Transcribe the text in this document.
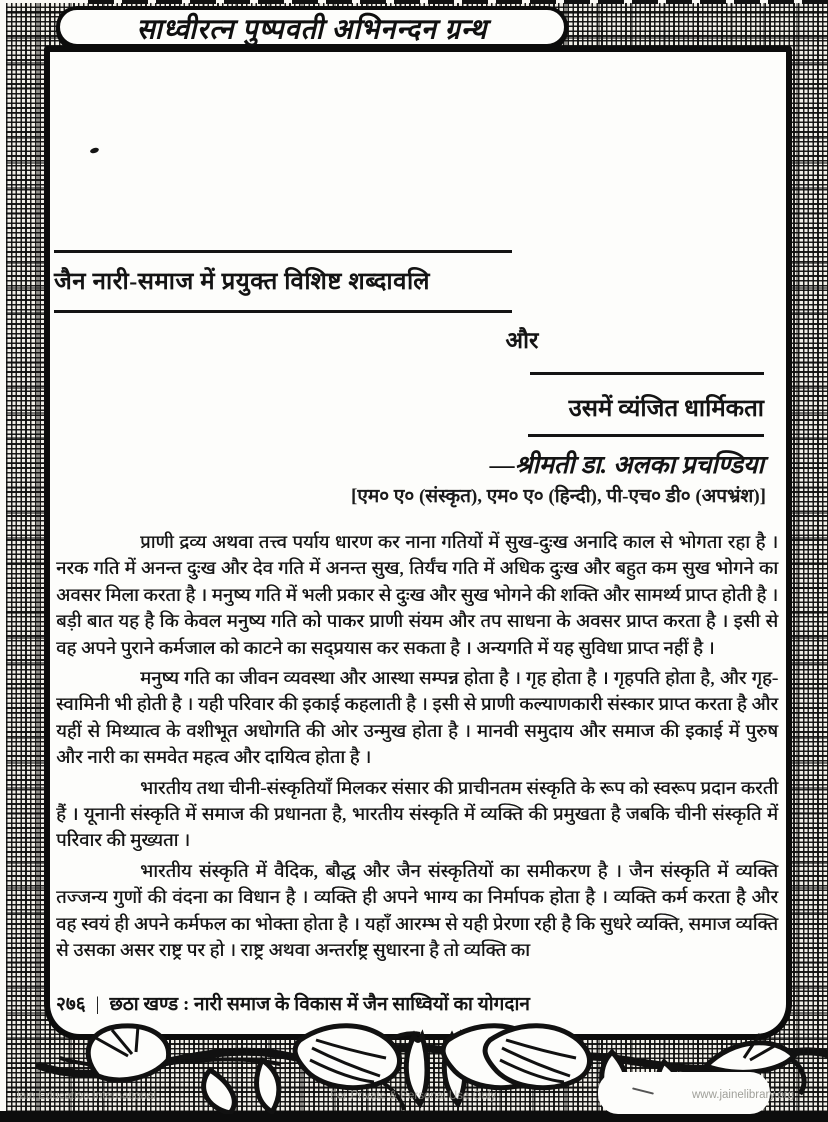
साध्वीरत्न पुष्पवती अभिनन्दन ग्रन्थ
जैन नारी-समाज में प्रयुक्त विशिष्ट शब्दावलि
और
उसमें व्यंजित धार्मिकता
—श्रीमती डा. अलका प्रचण्डिया
[एम० ए० (संस्कृत), एम० ए० (हिन्दी), पी-एच० डी० (अपभ्रंश)]

प्राणी द्रव्य अथवा तत्त्व पर्याय धारण कर नाना गतियों में सुख-दुःख अनादि काल से भोगता रहा है । नरक गति में अनन्त दुःख और देव गति में अनन्त सुख, तिर्यंच गति में अधिक दुःख और बहुत कम सुख भोगने का अवसर मिला करता है । मनुष्य गति में भली प्रकार से दुःख और सुख भोगने की शक्ति और सामर्थ्य प्राप्त होती है । बड़ी बात यह है कि केवल मनुष्य गति को पाकर प्राणी संयम और तप साधना के अवसर प्राप्त करता है । इसी से वह अपने पुराने कर्मजाल को काटने का सद्प्रयास कर सकता है । अन्यगति में यह सुविधा प्राप्त नहीं है ।

मनुष्य गति का जीवन व्यवस्था और आस्था सम्पन्न होता है । गृह होता है । गृहपति होता है, और गृह-स्वामिनी भी होती है । यही परिवार की इकाई कहलाती है । इसी से प्राणी कल्याणकारी संस्कार प्राप्त करता है और यहीं से मिथ्यात्व के वशीभूत अधोगति की ओर उन्मुख होता है । मानवी समुदाय और समाज की इकाई में पुरुष और नारी का समवेत महत्व और दायित्व होता है ।

भारतीय तथा चीनी-संस्कृतियाँ मिलकर संसार की प्राचीनतम संस्कृति के रूप को स्वरूप प्रदान करती हैं । यूनानी संस्कृति में समाज की प्रधानता है, भारतीय संस्कृति में व्यक्ति की प्रमुखता है जबकि चीनी संस्कृति में परिवार की मुख्यता ।

भारतीय संस्कृति में वैदिक, बौद्ध और जैन संस्कृतियों का समीकरण है । जैन संस्कृति में व्यक्ति तज्जन्य गुणों की वंदना का विधान है । व्यक्ति ही अपने भाग्य का निर्मापक होता है । व्यक्ति कर्म करता है और वह स्वयं ही अपने कर्मफल का भोक्ता होता है । यहाँ आरम्भ से यही प्रेरणा रही है कि सुधरे व्यक्ति, समाज व्यक्ति से उसका असर राष्ट्र पर हो । राष्ट्र अथवा अन्तर्राष्ट्र सुधारना है तो व्यक्ति का

२७६ | छठा खण्ड : नारी समाज के विकास में जैन साध्वियों का योगदान
Jain Education International	For Private & Personal Use Only	www.jainelibrary.org
